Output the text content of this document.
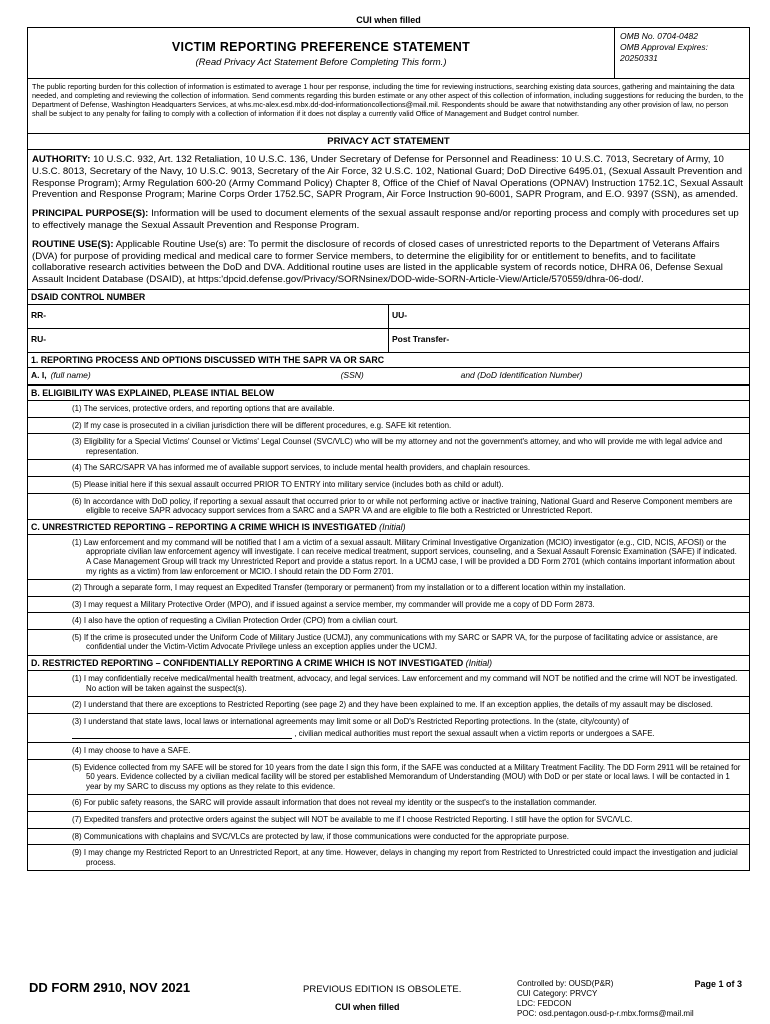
CUI when filled
VICTIM REPORTING PREFERENCE STATEMENT
(Read Privacy Act Statement Before Completing This form.)
OMB No. 0704-0482
OMB Approval Expires:
20250331
The public reporting burden for this collection of information is estimated to average 1 hour per response, including the time for reviewing instructions, searching existing data sources, gathering and maintaining the data needed, and completing and reviewing the collection of information. Send comments regarding this burden estimate or any other aspect of this collection of information, including suggestions for reducing the burden, to the Department of Defense, Washington Headquarters Services, at whs.mc-alex.esd.mbx.dd-dod-informationcollections@mail.mil. Respondents should be aware that notwithstanding any other provision of law, no person shall be subject to any penalty for failing to comply with a collection of information if it does not display a currently valid Office of Management and Budget control number.
PRIVACY ACT STATEMENT
AUTHORITY: 10 U.S.C. 932, Art. 132 Retaliation, 10 U.S.C. 136, Under Secretary of Defense for Personnel and Readiness: 10 U.S.C. 7013, Secretary of Army, 10 U.S.C. 8013, Secretary of the Navy, 10 U.S.C. 9013, Secretary of the Air Force, 32 U.S.C. 102, National Guard; DoD Directive 6495.01, (Sexual Assault Prevention and Response Program); Army Regulation 600-20 (Army Command Policy) Chapter 8, Office of the Chief of Naval Operations (OPNAV) Instruction 1752.1C, Sexual Assault Prevention and Response Program; Marine Corps Order 1752.5C, SAPR Program, Air Force Instruction 90-6001, SAPR Program, and E.O. 9397 (SSN), as amended.
PRINCIPAL PURPOSE(S): Information will be used to document elements of the sexual assault response and/or reporting process and comply with procedures set up to effectively manage the Sexual Assault Prevention and Response Program.
ROUTINE USE(S): Applicable Routine Use(s) are: To permit the disclosure of records of closed cases of unrestricted reports to the Department of Veterans Affairs (DVA) for purpose of providing medical and medical care to former Service members, to determine the eligibility for or entitlement to benefits, and to facilitate collaborative research activities between the DoD and DVA. Additional routine uses are listed in the applicable system of records notice, DHRA 06, Defense Sexual Assault Incident Database (DSAID), at https:'dpcid.defense.gov/Privacy/SORNsinex/DOD-wide-SORN-Article-View/Article/570559/dhra-06-dod/.
DSAID CONTROL NUMBER
RR-	UU-
RU-	Post Transfer-
1. REPORTING PROCESS AND OPTIONS DISCUSSED WITH THE SAPR VA OR SARC
A. I, (full name)	(SSN)	and (DoD Identification Number)
B. ELIGIBILITY WAS EXPLAINED, PLEASE INTIAL BELOW
(1) The services, protective orders, and reporting options that are available.
(2) If my case is prosecuted in a civilian jurisdiction there will be different procedures, e.g. SAFE kit retention.
(3) Eligibility for a Special Victims' Counsel or Victims' Legal Counsel (SVC/VLC) who will be my attorney and not the government's attorney, and who will provide me with legal advice and representation.
(4) The SARC/SAPR VA has informed me of available support services, to include mental health providers, and chaplain resources.
(5) Please initial here if this sexual assault occurred PRIOR TO ENTRY into military service (includes both as child or adult).
(6) In accordance with DoD policy, if reporting a sexual assault that occurred prior to or while not performing active or inactive training, National Guard and Reserve Component members are eligible to receive SAPR advocacy support services from a SARC and a SAPR VA and are eligible to file both a Restricted or Unrestricted Report.
C. UNRESTRICTED REPORTING – REPORTING A CRIME WHICH IS INVESTIGATED (Initial)
(1) Law enforcement and my command will be notified that I am a victim of a sexual assault. Military Criminal Investigative Organization (MCIO) investigator (e.g., CID, NCIS, AFOSI) or the appropriate civilian law enforcement agency will investigate. I can receive medical treatment, support services, counseling, and a Sexual Assault Forensic Examination (SAFE) if indicated. A Case Management Group will track my Unrestricted Report and provide a status report. In a UCMJ case, I will be provided a DD Form 2701 (which contains important information about my rights as a victim) from law enforcement or MCIO. I should retain the DD Form 2701.
(2) Through a separate form, I may request an Expedited Transfer (temporary or permanent) from my installation or to a different location within my installation.
(3) I may request a Military Protective Order (MPO), and if issued against a service member, my commander will provide me a copy of DD Form 2873.
(4) I also have the option of requesting a Civilian Protection Order (CPO) from a civilian court.
(5) If the crime is prosecuted under the Uniform Code of Military Justice (UCMJ), any communications with my SARC or SAPR VA, for the purpose of facilitating advice or assistance, are confidential under the Victim-Victim Advocate Privilege unless an exception applies under the UCMJ.
D. RESTRICTED REPORTING – CONFIDENTIALLY REPORTING A CRIME WHICH IS NOT INVESTIGATED (Initial)
(1) I may confidentially receive medical/mental health treatment, advocacy, and legal services. Law enforcement and my command will NOT be notified and the crime will NOT be investigated. No action will be taken against the suspect(s).
(2) I understand that there are exceptions to Restricted Reporting (see page 2) and they have been explained to me. If an exception applies, the details of my assault may be disclosed.
(3) I understand that state laws, local laws or international agreements may limit some or all DoD's Restricted Reporting protections. In the (state, city/county) of
, civilian medical authorities must report the sexual assault when a victim reports or undergoes a SAFE.
(4) I may choose to have a SAFE.
(5) Evidence collected from my SAFE will be stored for 10 years from the date I sign this form, if the SAFE was conducted at a Military Treatment Facility. The DD Form 2911 will be retained for 50 years. Evidence collected by a civilian medical facility will be stored per established Memorandum of Understanding (MOU) with DoD or per state or local laws. I will be contacted in 1 year by my SARC to discuss my options as they relate to this evidence.
(6) For public safety reasons, the SARC will provide assault information that does not reveal my identity or the suspect's to the installation commander.
(7) Expedited transfers and protective orders against the subject will NOT be available to me if I choose Restricted Reporting. I still have the option for SVC/VLC.
(8) Communications with chaplains and SVC/VLCs are protected by law, if those communications were conducted for the appropriate purpose.
(9) I may change my Restricted Report to an Unrestricted Report, at any time. However, delays in changing my report from Restricted to Unrestricted could impact the investigation and judicial process.
DD FORM 2910, NOV 2021	PREVIOUS EDITION IS OBSOLETE.
CUI when filled
Controlled by: OUSD(P&R)
CUI Category: PRVCY
LDC: FEDCON
POC: osd.pentagon.ousd-p-r.mbx.forms@mail.mil
Page 1 of 3
